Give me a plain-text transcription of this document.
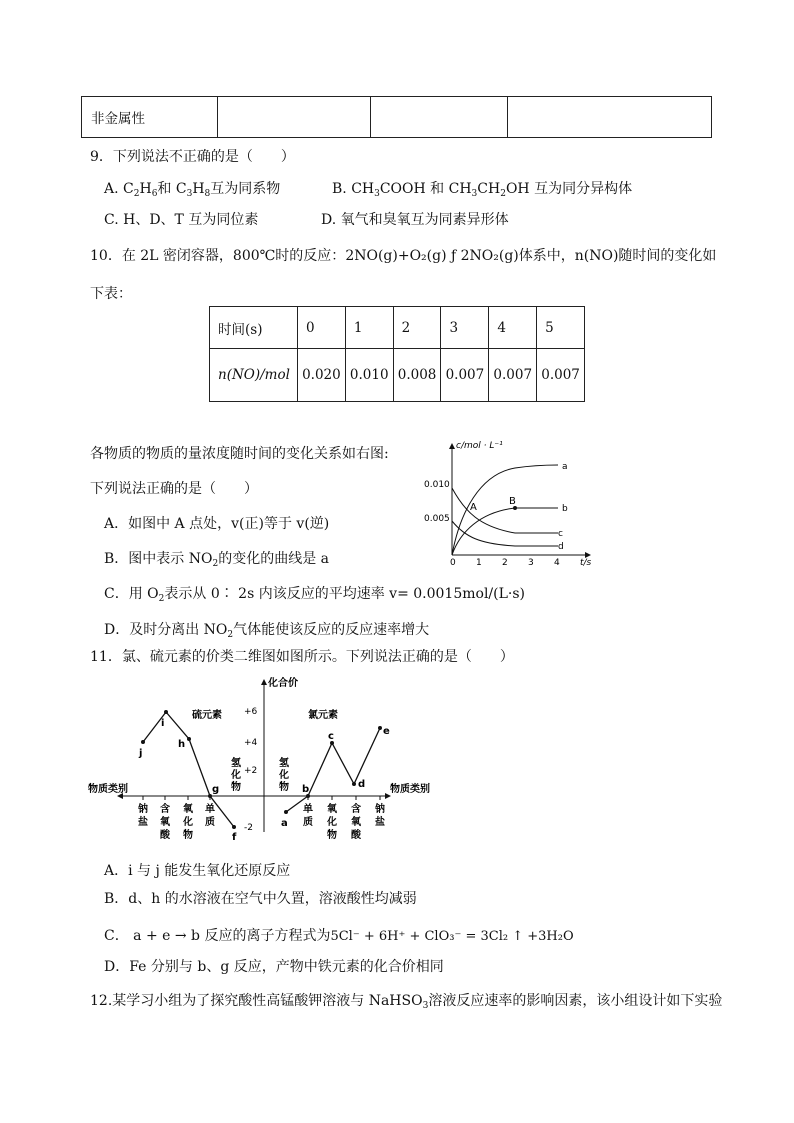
非金属性			
9．下列说法不正确的是（　　）
A. $C_2H_6$和 $C_3H_8$互为同系物	B. $CH_3COOH$ 和 $CH_3CH_2OH$ 互为同分异构体
C. H、D、T 互为同位素	D. 氧气和臭氧互为同素异形体
10．在 2L 密闭容器，800℃时的反应：2NO(g)+O₂(g) ƒ 2NO₂(g)体系中，n(NO)随时间的变化如
下表：
时间(s)	0	1	2	3	4	5
n(NO)/mol	0.020	0.010	0.008	0.007	0.007	0.007
各物质的物质的量浓度随时间的变化关系如右图:
下列说法正确的是（　　）
A．如图中 A 点处，v(正)等于 v(逆)
B．图中表示 $NO_2$的变化的曲线是 a
C．用 $O_2$表示从 0∶ 2s 内该反应的平均速率 v= 0.0015mol/(L·s)
D．及时分离出 $NO_2$气体能使该反应的反应速率增大
c/mol · L⁻¹
t/s
0.010
0.005
0 1 2 3 4
a
b
c
d
A
B
11．氯、硫元素的价类二维图如图所示。下列说法正确的是（　　）
化合价
物质类别	物质类别
硫元素	氯元素
+6
+4
+2
-2
氢
化
物
氢
化
物
钠
盐
含
氧
酸
氧
化
物
单
质
单
质
氧
化
物
含
氧
酸
钠
盐
j
i
h
g
f
a
b
c
d
e
A．i 与 j 能发生氧化还原反应
B．d、h 的水溶液在空气中久置，溶液酸性均减弱
C． a + e → b 反应的离子方程式为5Cl⁻ + 6H⁺ + ClO₃⁻ = 3Cl₂ ↑ +3H₂O
D．Fe 分别与 b、g 反应，产物中铁元素的化合价相同
12.某学习小组为了探究酸性高锰酸钾溶液与 NaHSO$_3$溶液反应速率的影响因素，该小组设计如下实验
